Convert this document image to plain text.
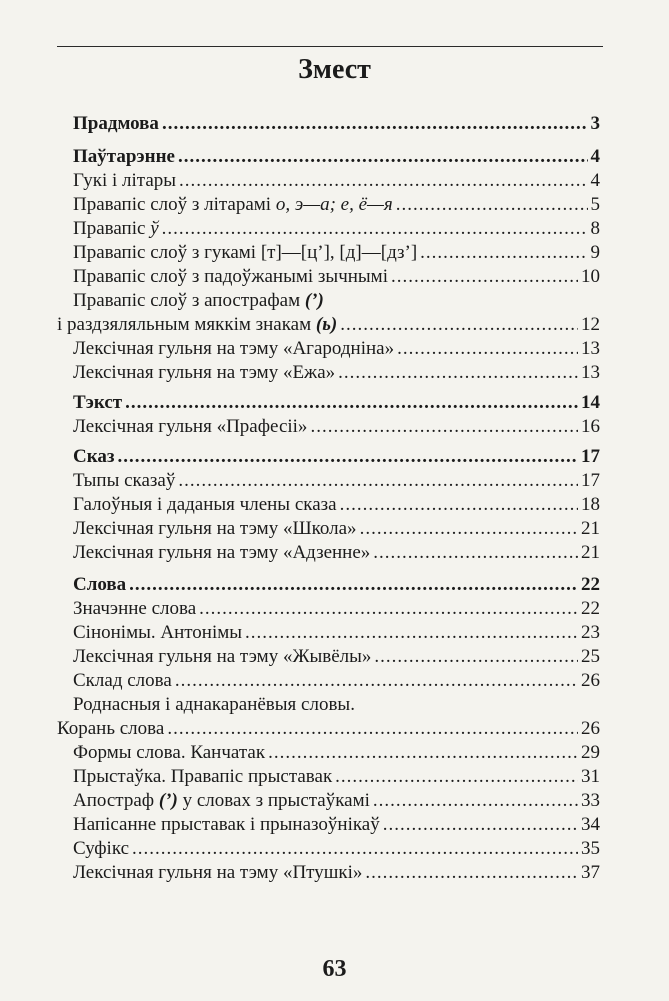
Змест
Прадмова .....	3
Паўтарэнне .....	4
Гукі і літары .....	4
Правапіс слоў з літарамі о, э—а; е, ё—я .....	5
Правапіс ў .....	8
Правапіс слоў з гукамі [т]—[ц’], [д]—[дз’] .....	9
Правапіс слоў з падоўжанымі зычнымі .....	10
Правапіс слоў з апострафам (’)
і раздзяляльным мяккім знакам (ь) .....	12
Лексічная гульня на тэму «Агародніна» .....	13
Лексічная гульня на тэму «Ежа» .....	13
Тэкст .....	14
Лексічная гульня «Прафесіі» .....	16
Сказ .....	17
Тыпы сказаў .....	17
Галоўныя і даданыя члены сказа .....	18
Лексічная гульня на тэму «Школа» .....	21
Лексічная гульня на тэму «Адзенне» .....	21
Слова .....	22
Значэнне слова .....	22
Сінонімы. Антонімы .....	23
Лексічная гульня на тэму «Жывёлы» .....	25
Склад слова .....	26
Роднасныя і аднакаранёвыя словы.
Корань слова .....	26
Формы слова. Канчатак .....	29
Прыстаўка. Правапіс прыставак .....	31
Апостраф (’) у словах з прыстаўкамі .....	33
Напісанне прыставак і прыназоўнікаў .....	34
Суфікс .....	35
Лексічная гульня на тэму «Птушкі» .....	37
63
